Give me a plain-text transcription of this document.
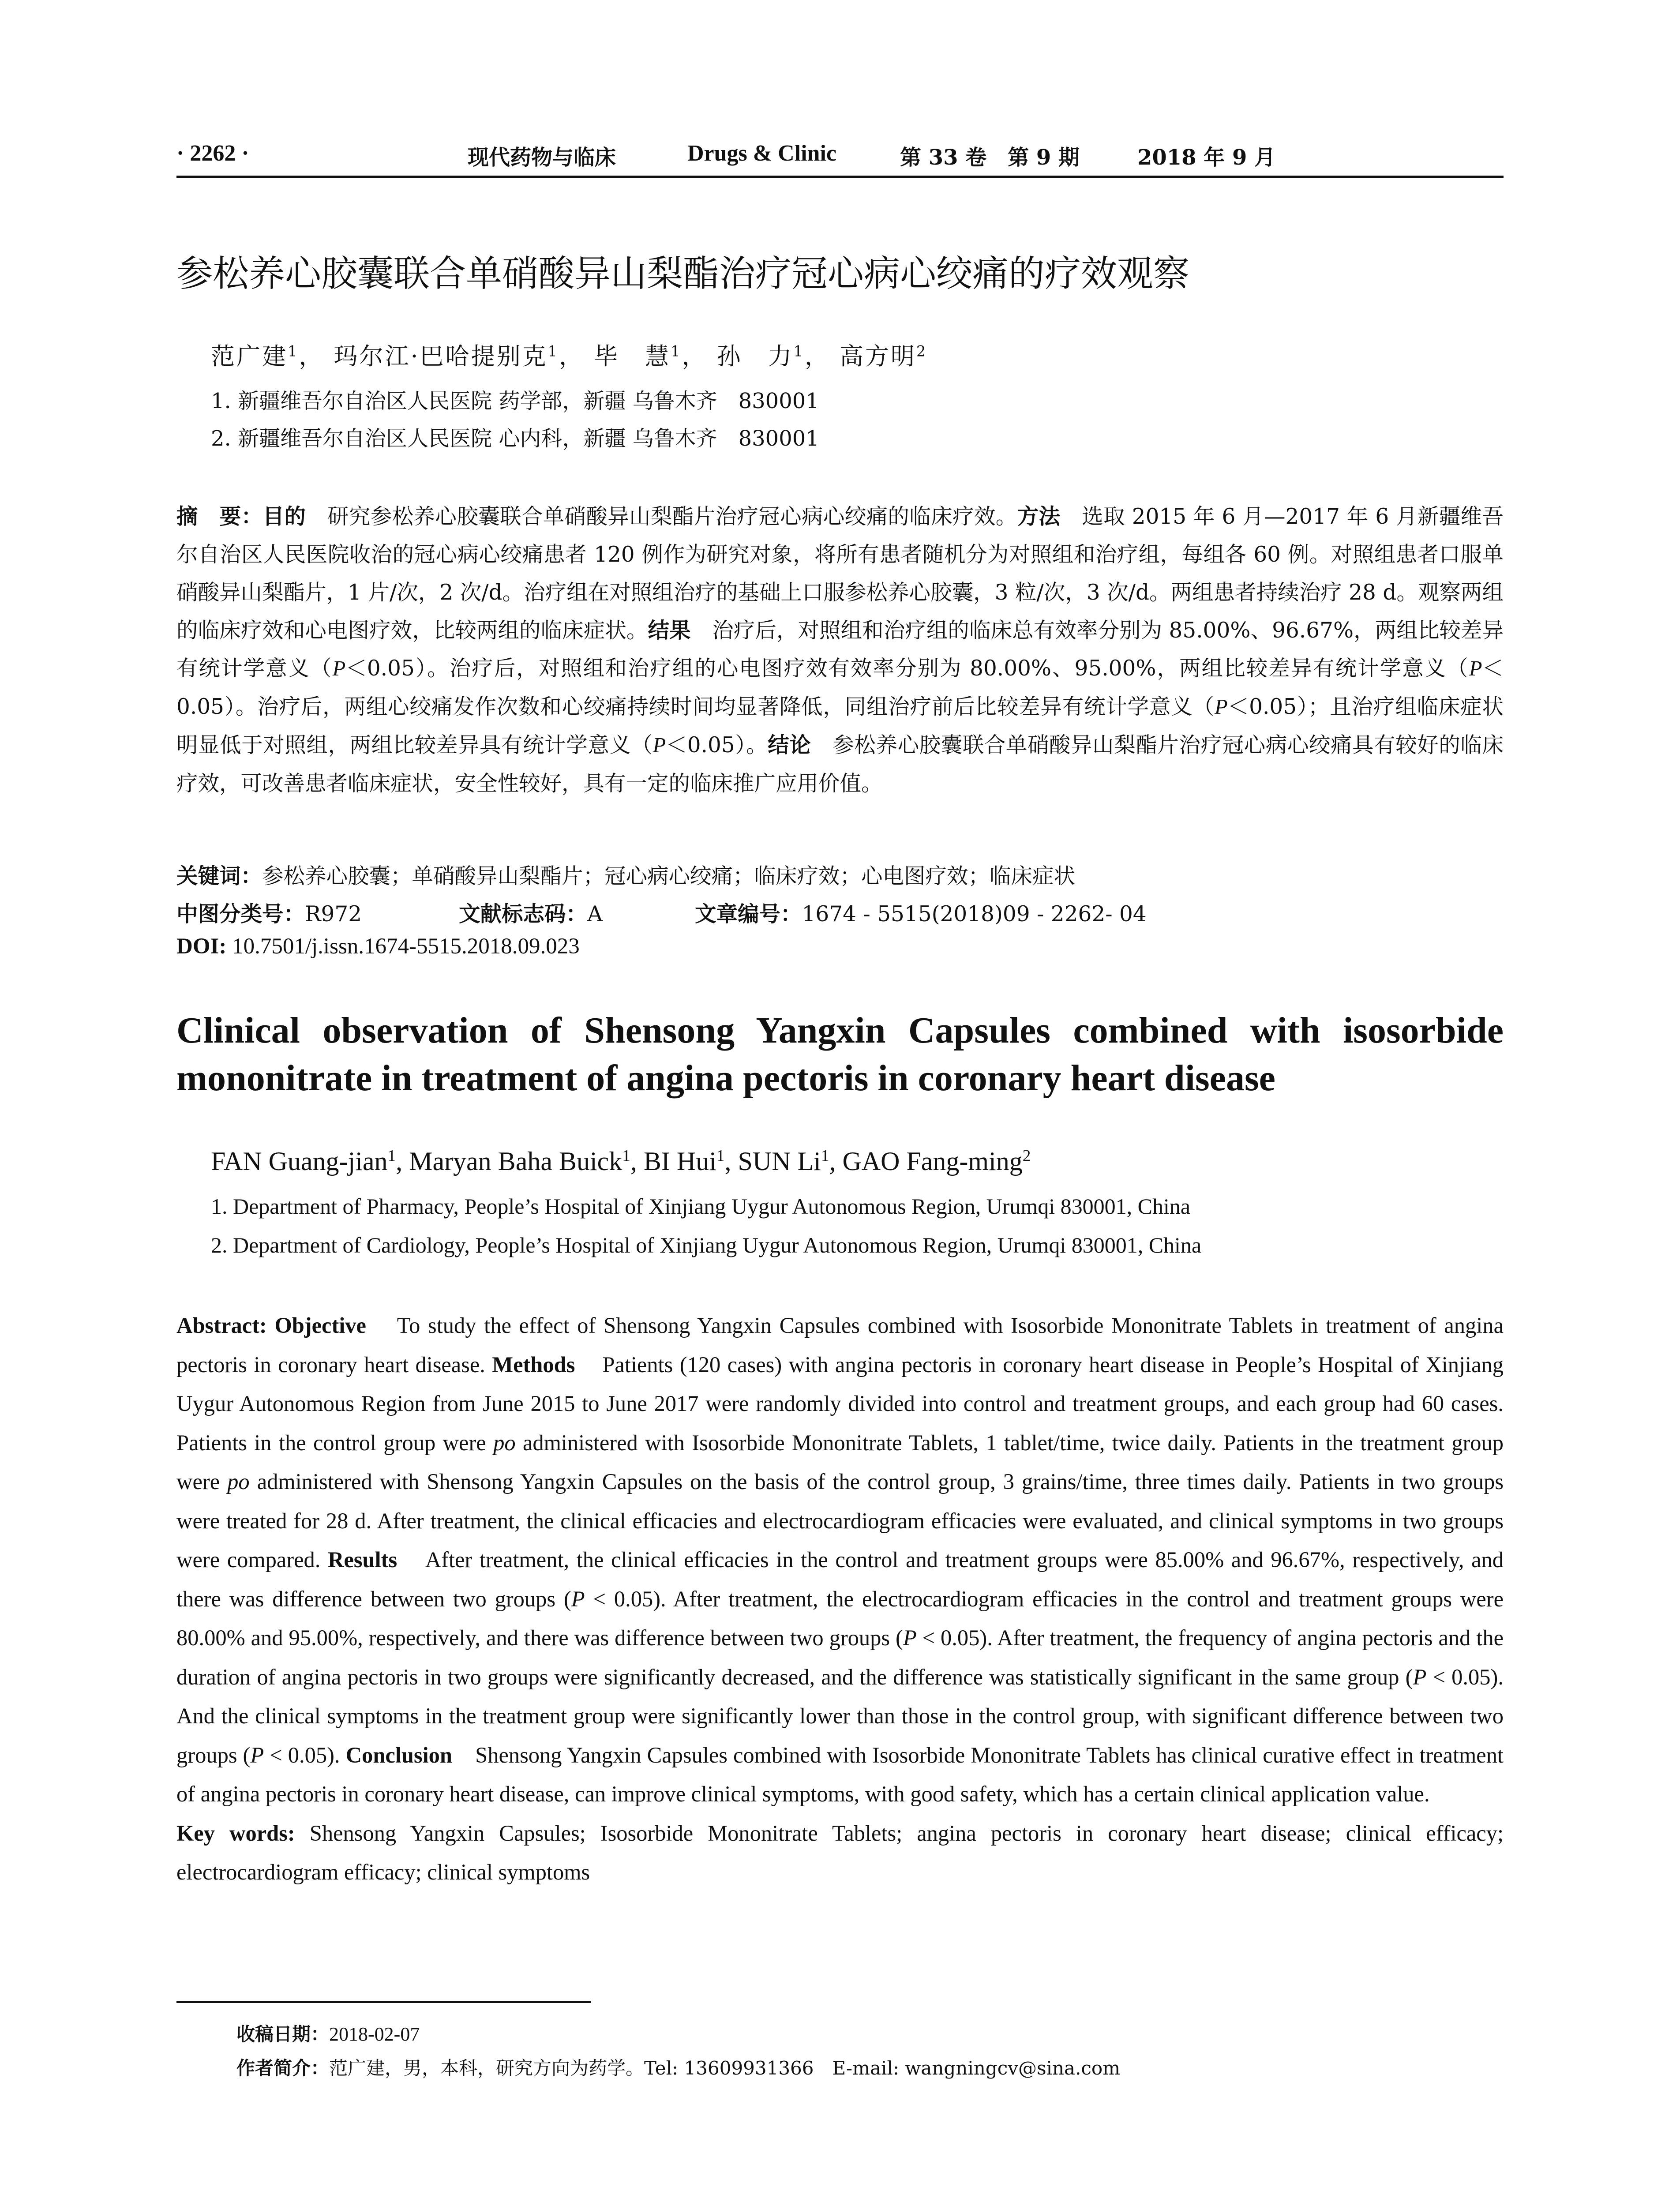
· 2262 ·	现代药物与临床	Drugs & Clinic	第 33 卷　第 9 期	2018 年 9 月
参松养心胶囊联合单硝酸异山梨酯治疗冠心病心绞痛的疗效观察
范广建$^1$， 玛尔江·巴哈提别克$^1$， 毕　慧$^1$， 孙　力$^1$， 高方明$^2$
1. 新疆维吾尔自治区人民医院 药学部，新疆 乌鲁木齐　830001
2. 新疆维吾尔自治区人民医院 心内科，新疆 乌鲁木齐　830001
摘　要：目的　 研究参松养心胶囊联合单硝酸异山梨酯片治疗冠心病心绞痛的临床疗效。方法　 选取 2015 年 6 月—2017 年 6 月新疆维吾尔自治区人民医院收治的冠心病心绞痛患者 120 例作为研究对象，将所有患者随机分为对照组和治疗组，每组各 60 例。对照组患者口服单硝酸异山梨酯片，1 片/次，2 次/d。治疗组在对照组治疗的基础上口服参松养心胶囊，3 粒/次，3 次/d。两组患者持续治疗 28 d。观察两组的临床疗效和心电图疗效，比较两组的临床症状。结果　 治疗后，对照组和治疗组的临床总有效率分别为 85.00%、96.67%，两组比较差异有统计学意义（P＜0.05）。治疗后，对照组和治疗组的心电图疗效有效率分别为 80.00%、95.00%，两组比较差异有统计学意义（P＜0.05）。治疗后，两组心绞痛发作次数和心绞痛持续时间均显著降低，同组治疗前后比较差异有统计学意义（P＜0.05）；且治疗组临床症状明显低于对照组，两组比较差异具有统计学意义（P＜0.05）。结论　 参松养心胶囊联合单硝酸异山梨酯片治疗冠心病心绞痛具有较好的临床疗效，可改善患者临床症状，安全性较好，具有一定的临床推广应用价值。
关键词：参松养心胶囊；单硝酸异山梨酯片；冠心病心绞痛；临床疗效；心电图疗效；临床症状
中图分类号：R972	文献标志码：A	文章编号：1674 - 5515(2018)09 - 2262- 04
DOI: 10.7501/j.issn.1674-5515.2018.09.023
Clinical observation of Shensong Yangxin Capsules combined with isosorbide mononitrate in treatment of angina pectoris in coronary heart disease
FAN Guang-jian$^1$, Maryan Baha Buick$^1$, BI Hui$^1$, SUN Li$^1$, GAO Fang-ming$^2$
1. Department of Pharmacy, People’s Hospital of Xinjiang Uygur Autonomous Region, Urumqi 830001, China
2. Department of Cardiology, People’s Hospital of Xinjiang Uygur Autonomous Region, Urumqi 830001, China
Abstract: Objective To study the effect of Shensong Yangxin Capsules combined with Isosorbide Mononitrate Tablets in treatment of angina pectoris in coronary heart disease. Methods Patients (120 cases) with angina pectoris in coronary heart disease in People’s Hospital of Xinjiang Uygur Autonomous Region from June 2015 to June 2017 were randomly divided into control and treatment groups, and each group had 60 cases. Patients in the control group were po administered with Isosorbide Mononitrate Tablets, 1 tablet/time, twice daily. Patients in the treatment group were po administered with Shensong Yangxin Capsules on the basis of the control group, 3 grains/time, three times daily. Patients in two groups were treated for 28 d. After treatment, the clinical efficacies and electrocardiogram efficacies were evaluated, and clinical symptoms in two groups were compared. Results After treatment, the clinical efficacies in the control and treatment groups were 85.00% and 96.67%, respectively, and there was difference between two groups (P < 0.05). After treatment, the electrocardiogram efficacies in the control and treatment groups were 80.00% and 95.00%, respectively, and there was difference between two groups (P < 0.05). After treatment, the frequency of angina pectoris and the duration of angina pectoris in two groups were significantly decreased, and the difference was statistically significant in the same group (P < 0.05). And the clinical symptoms in the treatment group were significantly lower than those in the control group, with significant difference between two groups (P < 0.05). Conclusion Shensong Yangxin Capsules combined with Isosorbide Mononitrate Tablets has clinical curative effect in treatment of angina pectoris in coronary heart disease, can improve clinical symptoms, with good safety, which has a certain clinical application value.
Key words: Shensong Yangxin Capsules; Isosorbide Mononitrate Tablets; angina pectoris in coronary heart disease; clinical efficacy; electrocardiogram efficacy; clinical symptoms
收稿日期：2018-02-07
作者简介：范广建，男，本科，研究方向为药学。Tel: 13609931366　E-mail: wangningcv@sina.com
